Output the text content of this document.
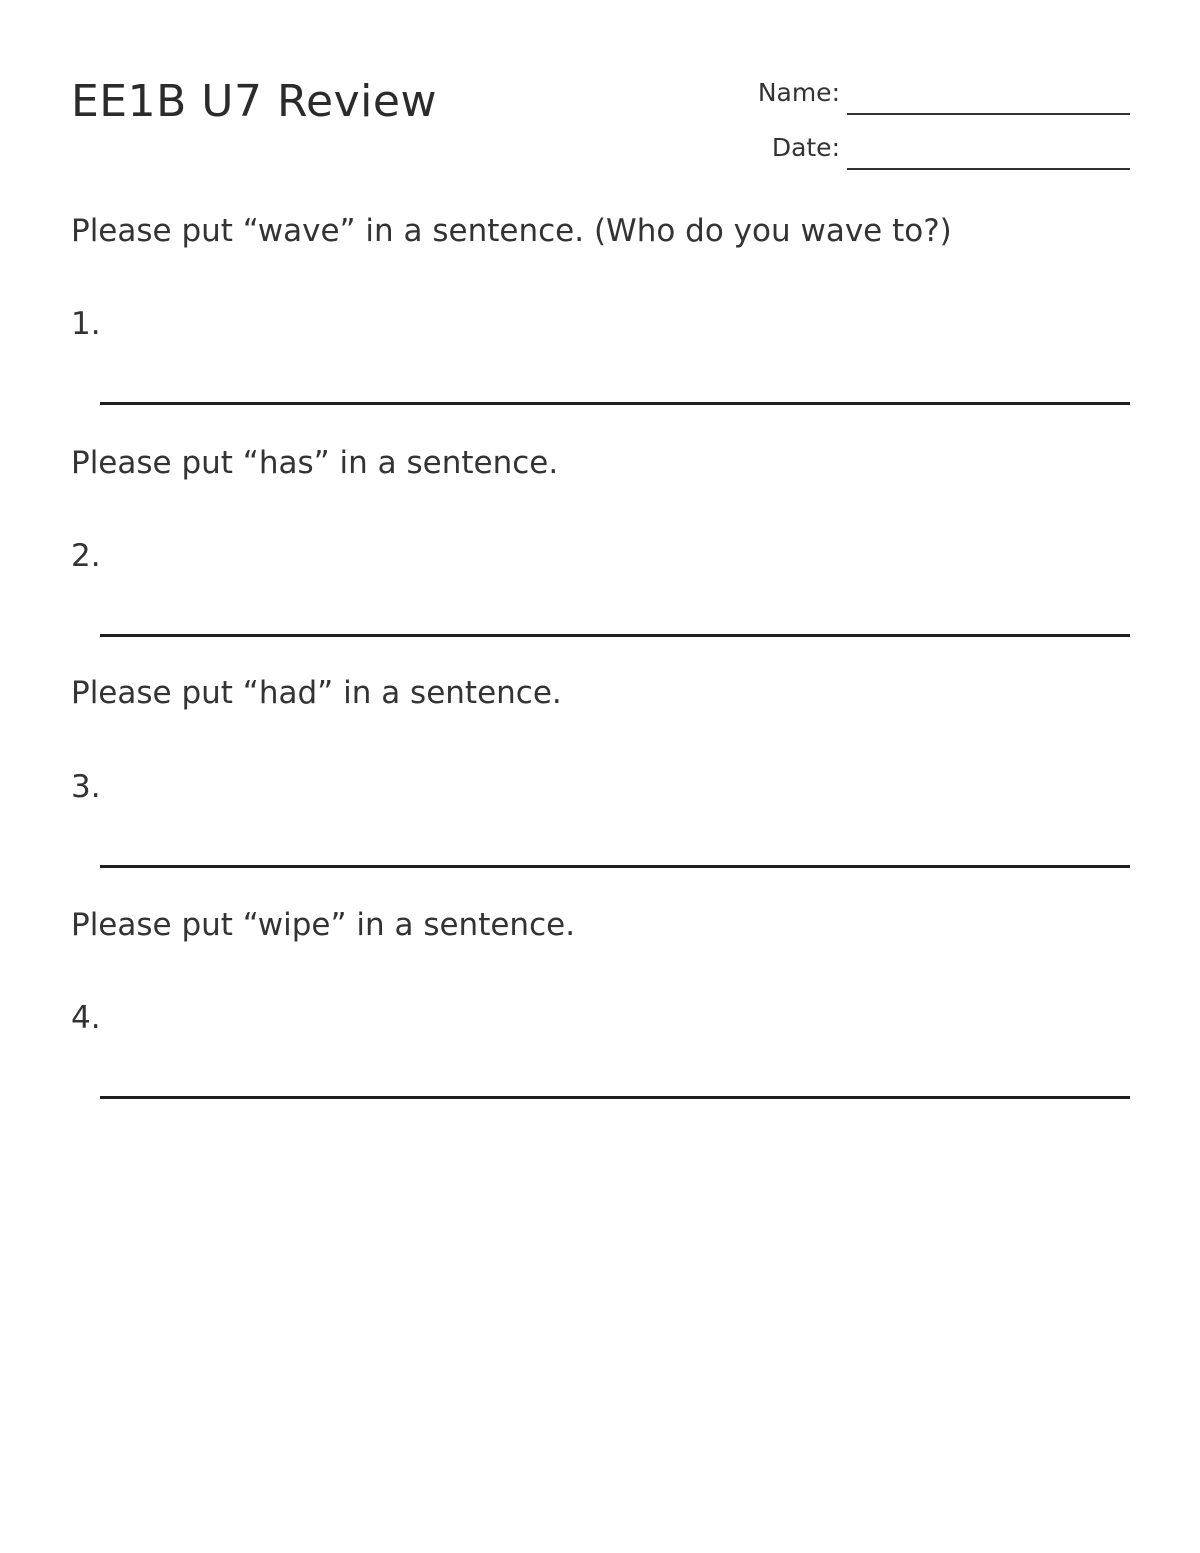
EE1B U7 Review	Name:
Date:

Please put “wave” in a sentence. (Who do you wave to?)

1.

Please put “has” in a sentence.

2.

Please put “had” in a sentence.

3.

Please put “wipe” in a sentence.

4.
